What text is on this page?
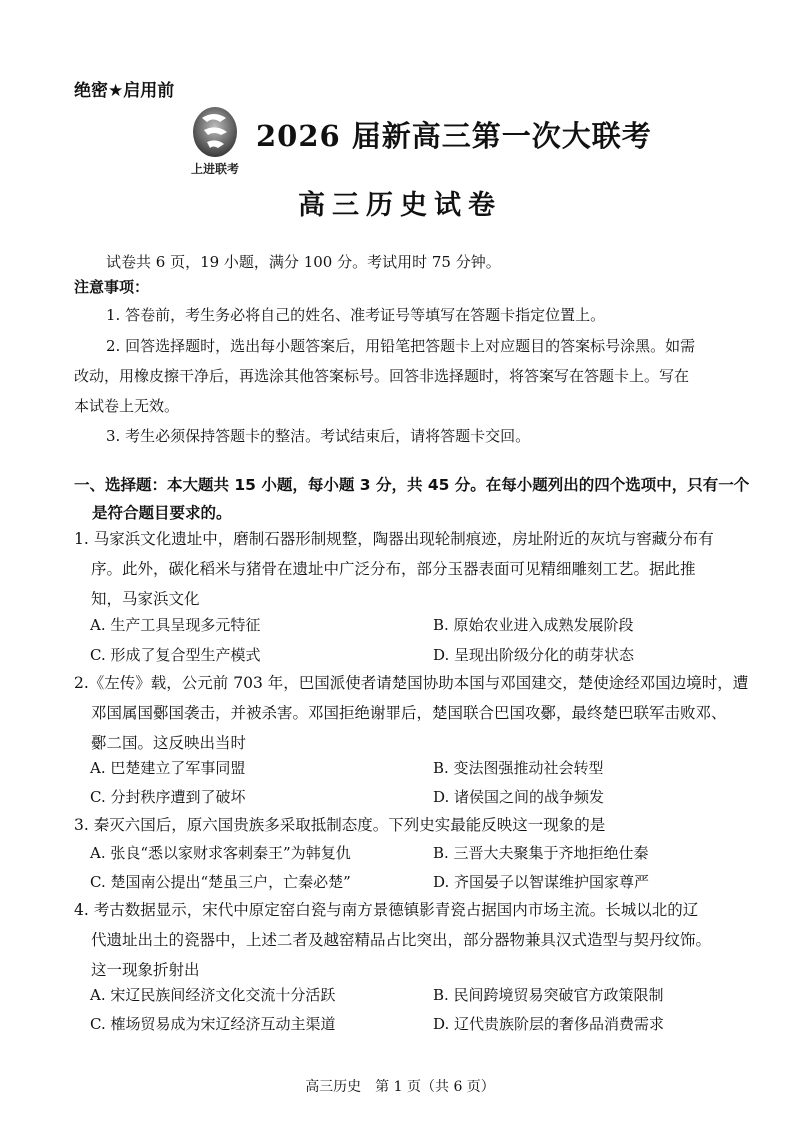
绝密★启用前
上进联考
2026 届新高三第一次大联考
高三历史试卷
试卷共 6 页，19 小题，满分 100 分。考试用时 75 分钟。
注意事项：
1. 答卷前，考生务必将自己的姓名、准考证号等填写在答题卡指定位置上。
2. 回答选择题时，选出每小题答案后，用铅笔把答题卡上对应题目的答案标号涂黑。如需
改动，用橡皮擦干净后，再选涂其他答案标号。回答非选择题时，将答案写在答题卡上。写在
本试卷上无效。
3. 考生必须保持答题卡的整洁。考试结束后，请将答题卡交回。
一、选择题：本大题共 15 小题，每小题 3 分，共 45 分。在每小题列出的四个选项中，只有一个
是符合题目要求的。
1. 马家浜文化遗址中，磨制石器形制规整，陶器出现轮制痕迹，房址附近的灰坑与窖藏分布有
序。此外，碳化稻米与猪骨在遗址中广泛分布，部分玉器表面可见精细雕刻工艺。据此推
知，马家浜文化
A. 生产工具呈现多元特征	B. 原始农业进入成熟发展阶段
C. 形成了复合型生产模式	D. 呈现出阶级分化的萌芽状态
2.《左传》载，公元前 703 年，巴国派使者请楚国协助本国与邓国建交，楚使途经邓国边境时，遭
邓国属国鄾国袭击，并被杀害。邓国拒绝谢罪后，楚国联合巴国攻鄾，最终楚巴联军击败邓、
鄾二国。这反映出当时
A. 巴楚建立了军事同盟	B. 变法图强推动社会转型
C. 分封秩序遭到了破坏	D. 诸侯国之间的战争频发
3. 秦灭六国后，原六国贵族多采取抵制态度。下列史实最能反映这一现象的是
A. 张良“悉以家财求客刺秦王”为韩复仇	B. 三晋大夫聚集于齐地拒绝仕秦
C. 楚国南公提出“楚虽三户，亡秦必楚”	D. 齐国晏子以智谋维护国家尊严
4. 考古数据显示，宋代中原定窑白瓷与南方景德镇影青瓷占据国内市场主流。长城以北的辽
代遗址出土的瓷器中，上述二者及越窑精品占比突出，部分器物兼具汉式造型与契丹纹饰。
这一现象折射出
A. 宋辽民族间经济文化交流十分活跃	B. 民间跨境贸易突破官方政策限制
C. 榷场贸易成为宋辽经济互动主渠道	D. 辽代贵族阶层的奢侈品消费需求
高三历史　第 1 页（共 6 页）
